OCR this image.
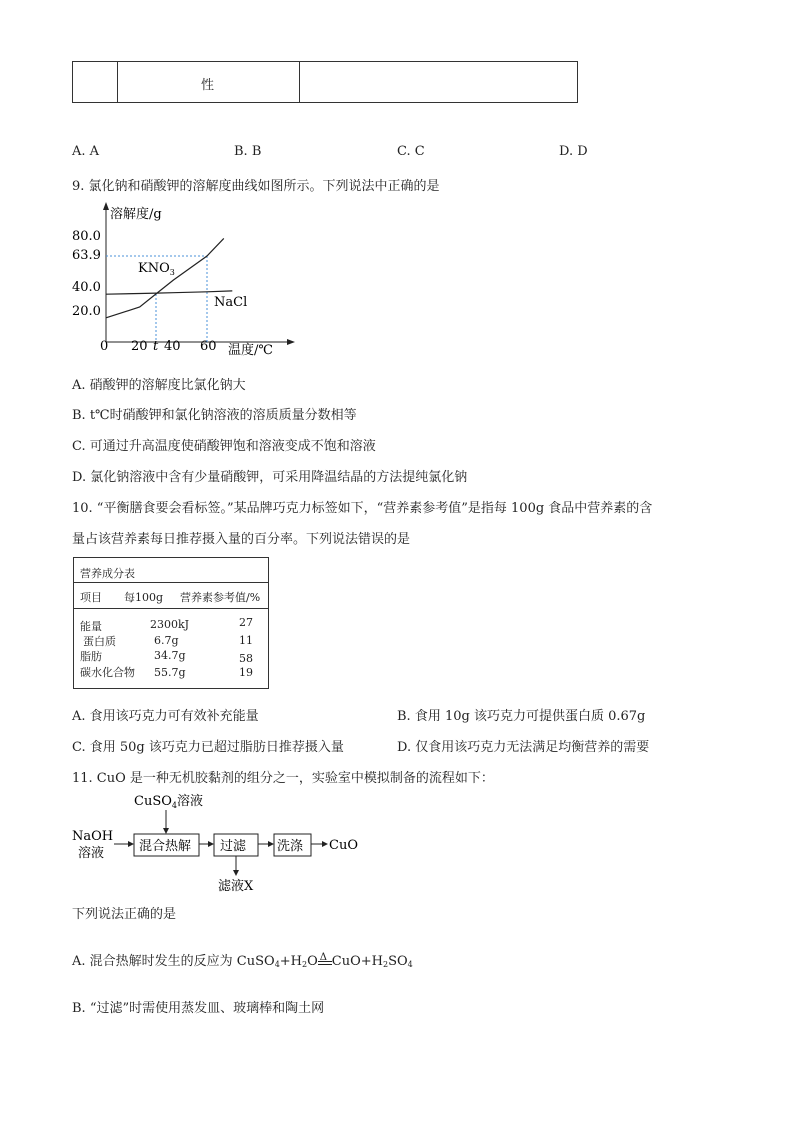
性
A. A	B. B	C. C	D. D
9. 氯化钠和硝酸钾的溶解度曲线如图所示。下列说法中正确的是
溶解度/g
温度/℃
80.0
63.9
40.0
20.0
0 20 t 40 60
$KNO_3$
NaCl
A. 硝酸钾的溶解度比氯化钠大
B. t℃时硝酸钾和氯化钠溶液的溶质质量分数相等
C. 可通过升高温度使硝酸钾饱和溶液变成不饱和溶液
D. 氯化钠溶液中含有少量硝酸钾，可采用降温结晶的方法提纯氯化钠
10. “平衡膳食要会看标签。”某品牌巧克力标签如下，“营养素参考值”是指每 100g 食品中营养素的含
量占该营养素每日推荐摄入量的百分率。下列说法错误的是
营养成分表
项目 每100g 营养素参考值/%
能量	2300kJ	27
蛋白质	6.7g	11
脂肪	34.7g	58
碳水化合物 55.7g	19
A. 食用该巧克力可有效补充能量	B. 食用 10g 该巧克力可提供蛋白质 0.67g
C. 食用 50g 该巧克力已超过脂肪日推荐摄入量	D. 仅食用该巧克力无法满足均衡营养的需要
11. CuO 是一种无机胶黏剂的组分之一，实验室中模拟制备的流程如下：
CuSO$_4$溶液
NaOH
溶液	混合热解 过滤 洗涤 CuO
滤液X
下列说法正确的是
A. 混合热解时发生的反应为 $CuSO_4+H_2O$ Δ $CuO+H_2SO_4$
B. “过滤”时需使用蒸发皿、玻璃棒和陶土网
